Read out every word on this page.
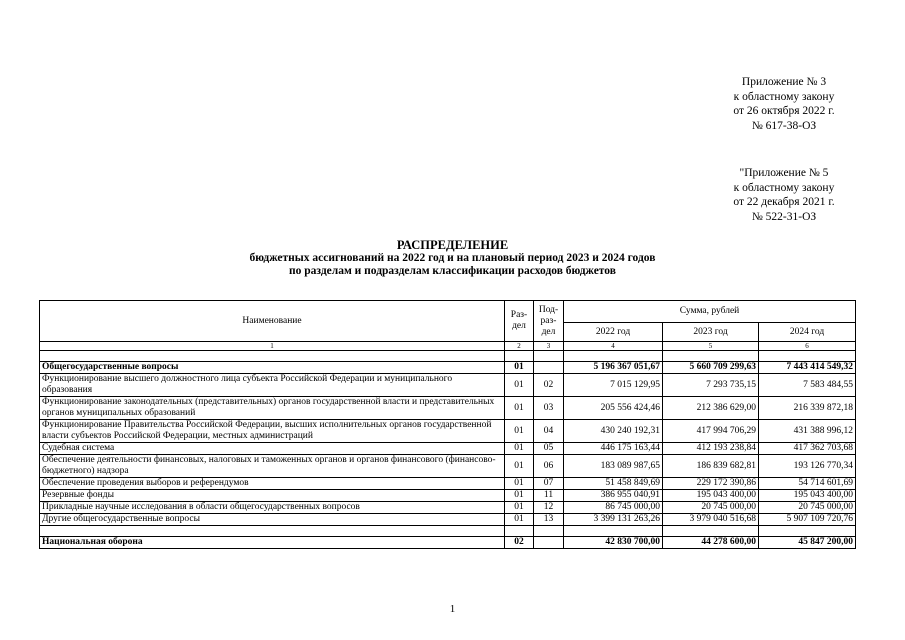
Приложение № 3
к областному закону
от 26 октября 2022 г.
№ 617-38-ОЗ
"Приложение № 5
к областному закону
от 22 декабря 2021 г.
№ 522-31-ОЗ
РАСПРЕДЕЛЕНИЕ
бюджетных ассигнований на 2022 год и на плановый период 2023 и 2024 годов
по разделам и подразделам классификации расходов бюджетов
Наименование	Раз-дел	Под-раз-дел	Сумма, рублей		
			2022 год	2023 год	2024 год
1	2	3	4	5	6

Общегосударственные вопросы	01		5 196 367 051,67	5 660 709 299,63	7 443 414 549,32
Функционирование высшего должностного лица субъекта Российской Федерации и муниципального образования	01	02	7 015 129,95	7 293 735,15	7 583 484,55
Функционирование законодательных (представительных) органов государственной власти и представительных органов муниципальных образований	01	03	205 556 424,46	212 386 629,00	216 339 872,18
Функционирование Правительства Российской Федерации, высших исполнительных органов государственной власти субъектов Российской Федерации, местных администраций	01	04	430 240 192,31	417 994 706,29	431 388 996,12
Судебная система	01	05	446 175 163,44	412 193 238,84	417 362 703,68
Обеспечение деятельности финансовых, налоговых и таможенных органов и органов финансового (финансово-бюджетного) надзора	01	06	183 089 987,65	186 839 682,81	193 126 770,34
Обеспечение проведения выборов и референдумов	01	07	51 458 849,69	229 172 390,86	54 714 601,69
Резервные фонды	01	11	386 955 040,91	195 043 400,00	195 043 400,00
Прикладные научные исследования в области общегосударственных вопросов	01	12	86 745 000,00	20 745 000,00	20 745 000,00
Другие общегосударственные вопросы	01	13	3 399 131 263,26	3 979 040 516,68	5 907 109 720,76

Национальная оборона	02		42 830 700,00	44 278 600,00	45 847 200,00
1
